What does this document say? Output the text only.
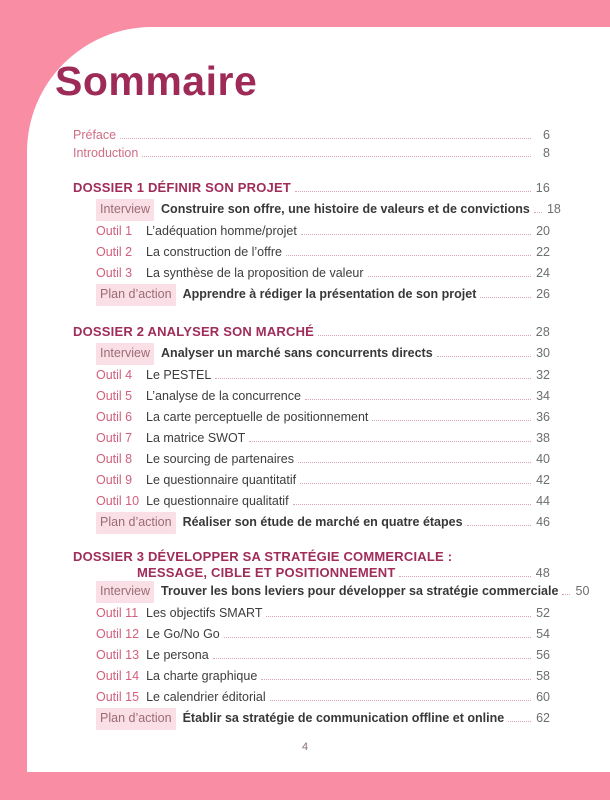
Sommaire
Préface	6
Introduction	8
DOSSIER 1 DÉFINIR SON PROJET	16
Interview Construire son offre, une histoire de valeurs et de convictions 18
Outil 1	L’adéquation homme/projet	20
Outil 2	La construction de l’offre	22
Outil 3	La synthèse de la proposition de valeur	24
Plan d’action Apprendre à rédiger la présentation de son projet	26
DOSSIER 2 ANALYSER SON MARCHÉ	28
Interview Analyser un marché sans concurrents directs	30
Outil 4	Le PESTEL	32
Outil 5	L’analyse de la concurrence	34
Outil 6	La carte perceptuelle de positionnement	36
Outil 7	La matrice SWOT	38
Outil 8	Le sourcing de partenaires	40
Outil 9	Le questionnaire quantitatif	42
Outil 10 Le questionnaire qualitatif	44
Plan d’action Réaliser son étude de marché en quatre étapes	46
DOSSIER 3 DÉVELOPPER SA STRATÉGIE COMMERCIALE :
MESSAGE, CIBLE ET POSITIONNEMENT	48
Interview Trouver les bons leviers pour développer sa stratégie commerciale 50
Outil 11 Les objectifs SMART	52
Outil 12 Le Go/No Go	54
Outil 13 Le persona	56
Outil 14 La charte graphique	58
Outil 15 Le calendrier éditorial	60
Plan d’action Établir sa stratégie de communication offline et online	62
4
